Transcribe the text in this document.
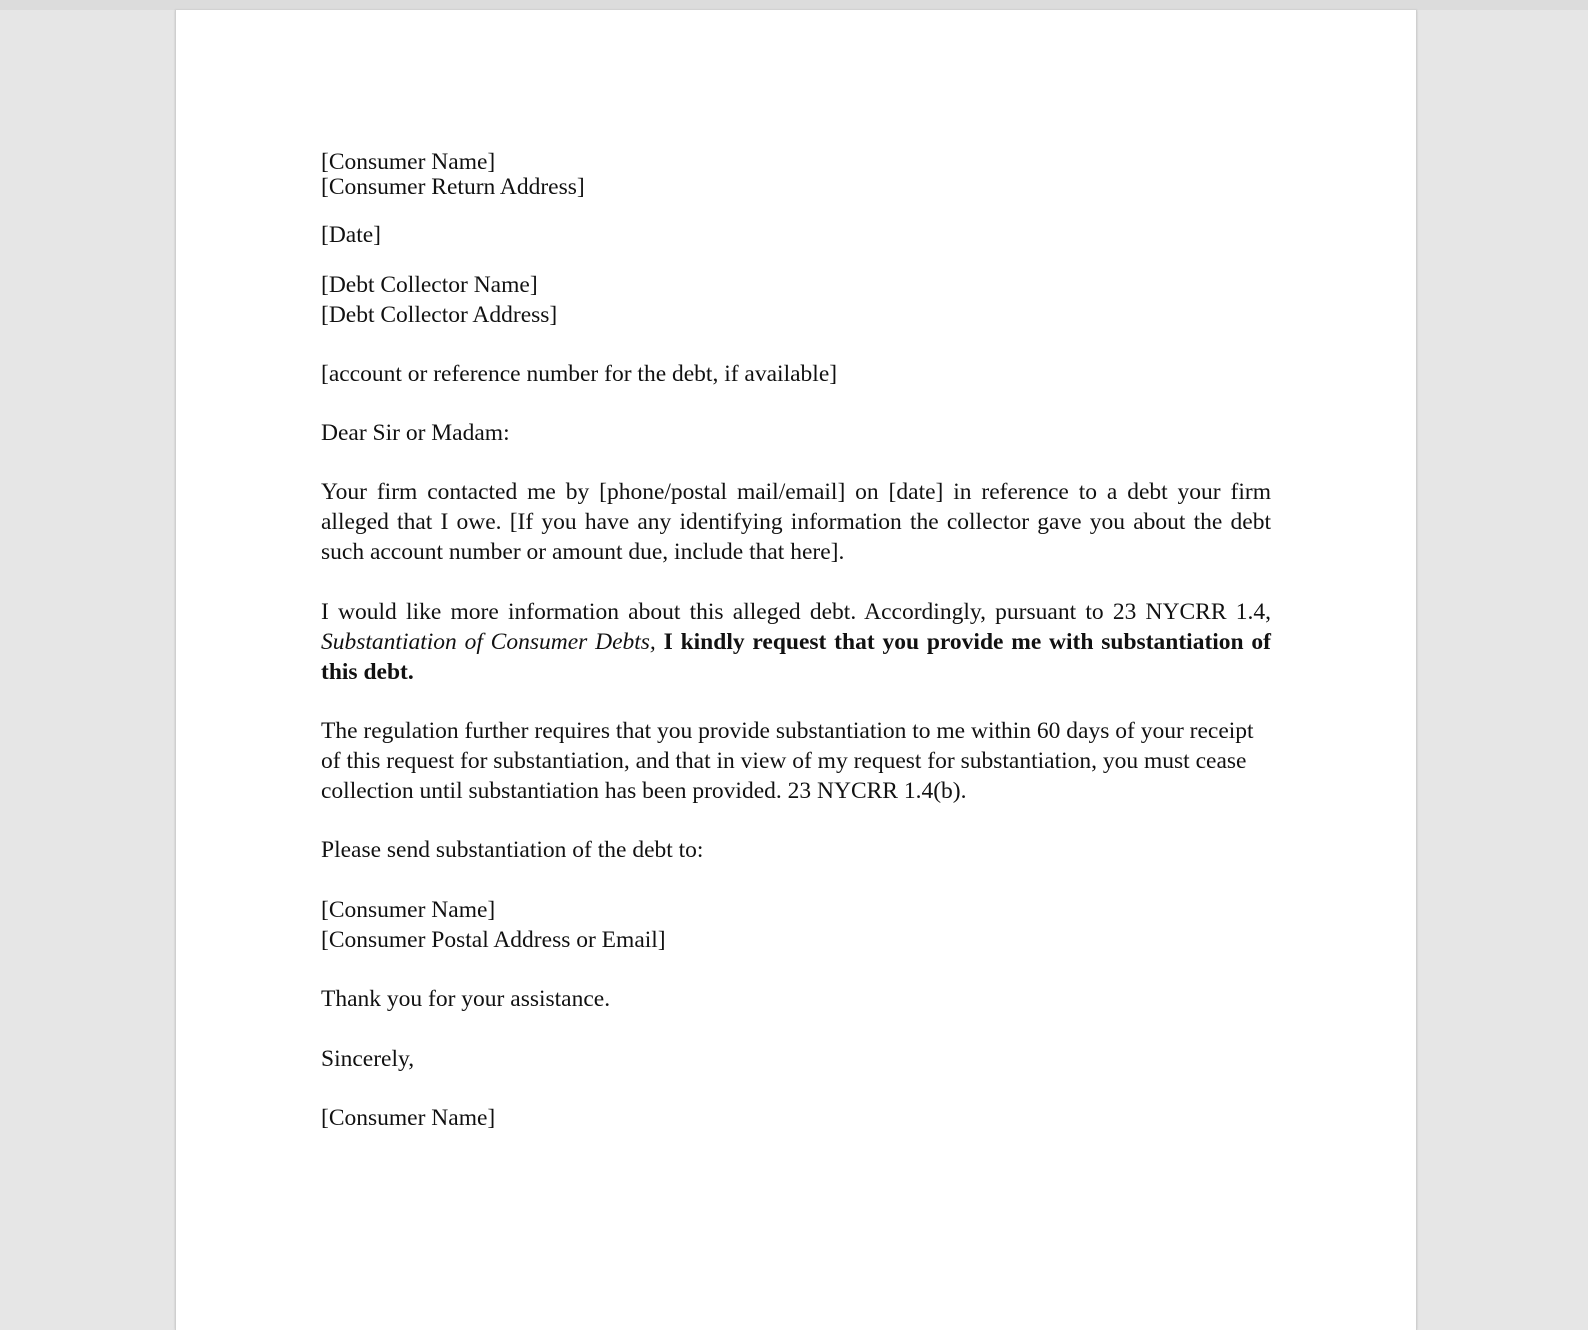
[Consumer Name]
[Consumer Return Address]
[Date]
[Debt Collector Name]
[Debt Collector Address]
[account or reference number for the debt, if available]
Dear Sir or Madam:
Your firm contacted me by [phone/postal mail/email] on [date] in reference to a debt your firm alleged that I owe. [If you have any identifying information the collector gave you about the debt such account number or amount due, include that here].
I would like more information about this alleged debt. Accordingly, pursuant to 23 NYCRR 1.4, Substantiation of Consumer Debts, I kindly request that you provide me with substantiation of this debt.
The regulation further requires that you provide substantiation to me within 60 days of your receipt of this request for substantiation, and that in view of my request for substantiation, you must cease collection until substantiation has been provided. 23 NYCRR 1.4(b).
Please send substantiation of the debt to:
[Consumer Name]
[Consumer Postal Address or Email]
Thank you for your assistance.
Sincerely,
[Consumer Name]
